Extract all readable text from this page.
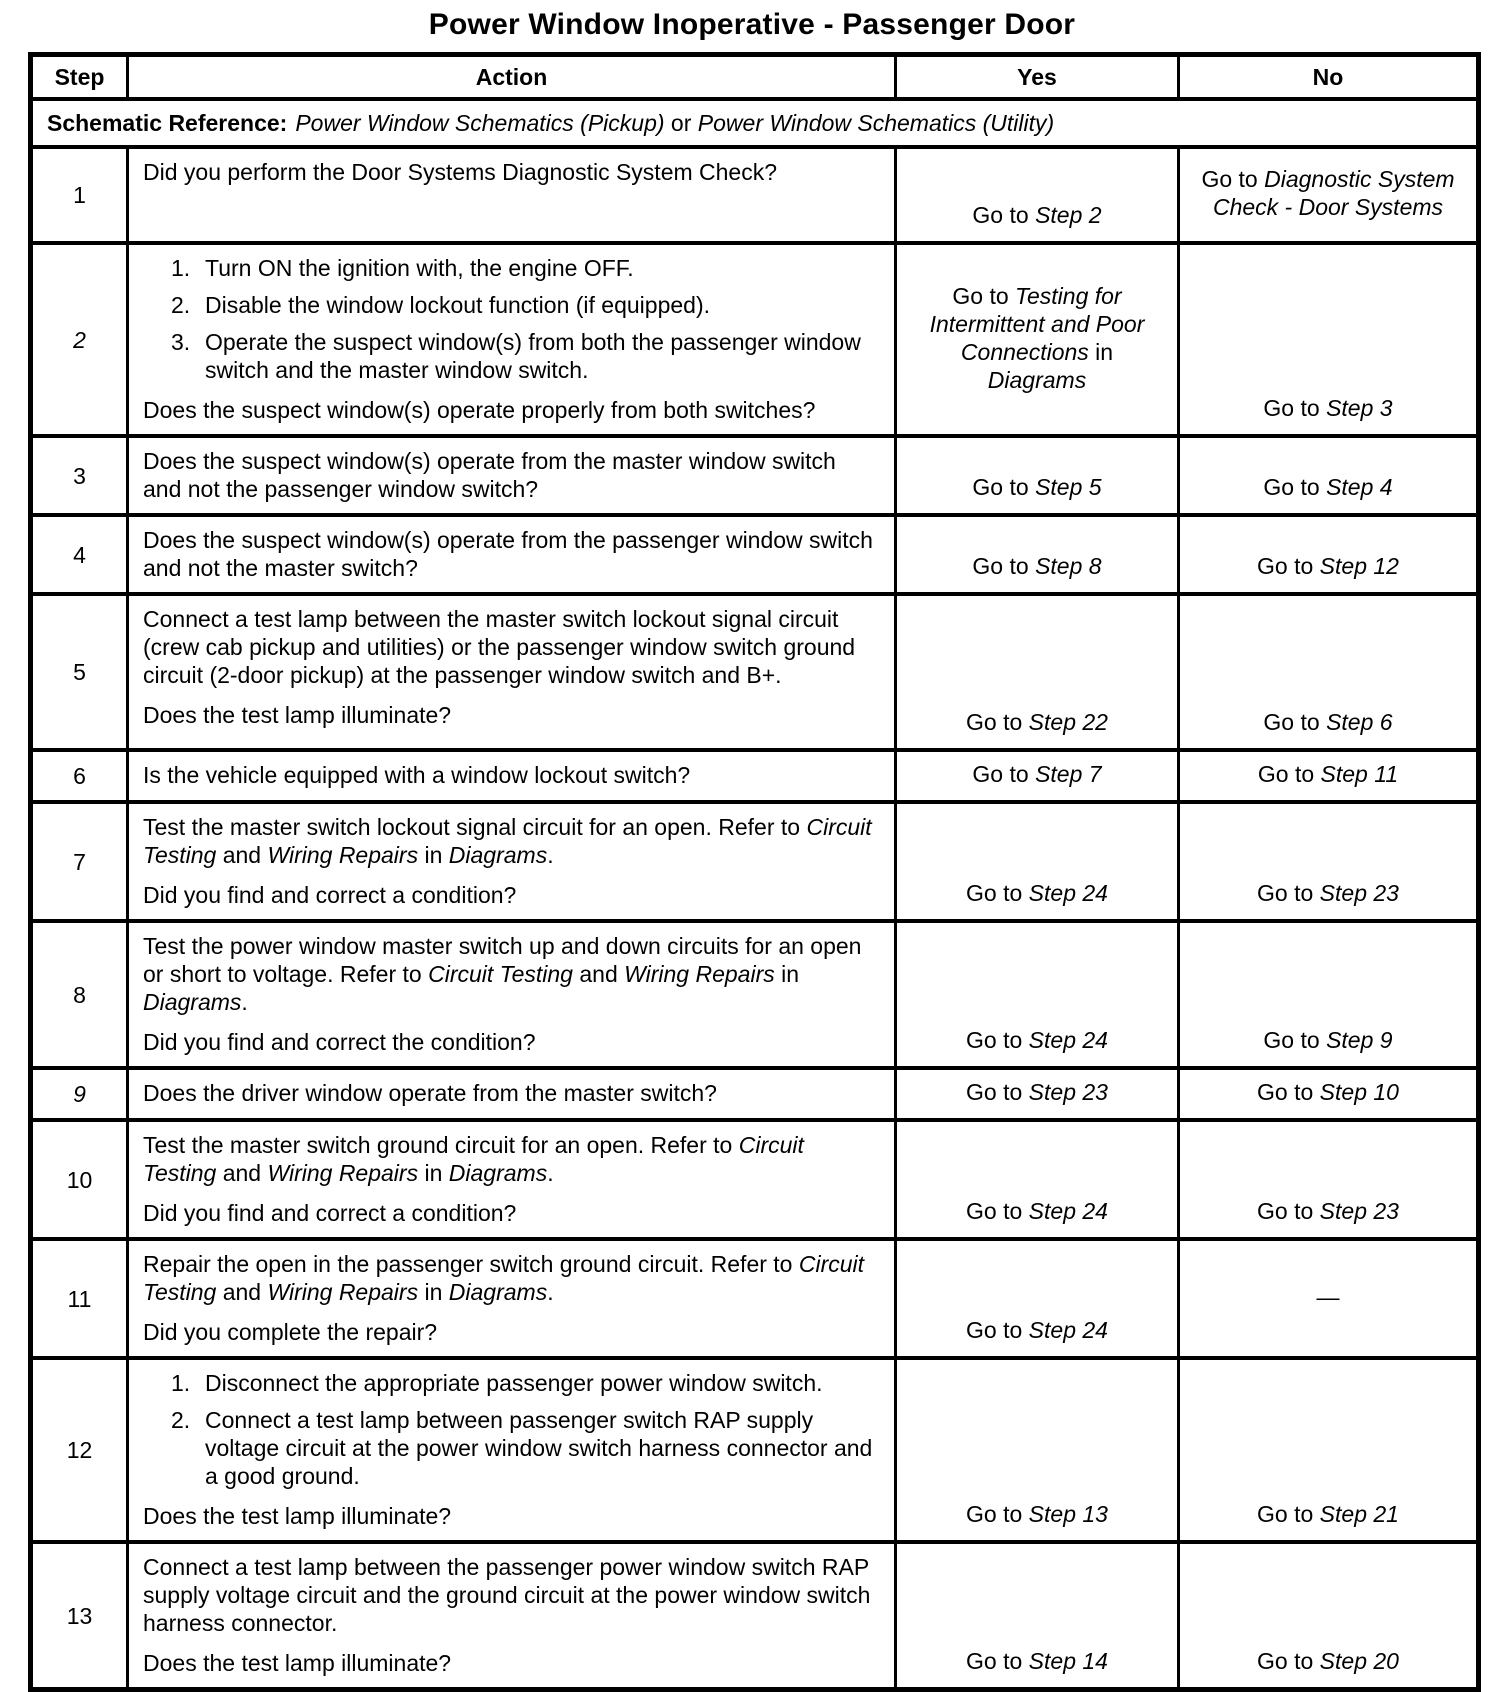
Power Window Inoperative - Passenger Door
Step	Action	Yes	No
Schematic Reference: Power Window Schematics (Pickup) or Power Window Schematics (Utility)			
1	Did you perform the Door Systems Diagnostic System Check?	Go to Step 2	Go to Diagnostic System Check - Door Systems
2	
1. Turn ON the ignition with, the engine OFF.
2. Disable the window lockout function (if equipped).
3. Operate the suspect window(s) from both the passenger window switch and the master window switch.
Does the suspect window(s) operate properly from both switches?
	Go to Testing for Intermittent and Poor Connections in Diagrams	Go to Step 3
3	Does the suspect window(s) operate from the master window switch and not the passenger window switch?	Go to Step 5	Go to Step 4
4	Does the suspect window(s) operate from the passenger window switch and not the master switch?	Go to Step 8	Go to Step 12
5	Connect a test lamp between the master switch lockout signal circuit (crew cab pickup and utilities) or the passenger window switch ground circuit (2-door pickup) at the passenger window switch and B+.
Does the test lamp illuminate?	Go to Step 22	Go to Step 6
6	Is the vehicle equipped with a window lockout switch?	Go to Step 7	Go to Step 11
7	Test the master switch lockout signal circuit for an open. Refer to Circuit Testing and Wiring Repairs in Diagrams.
Did you find and correct a condition?	Go to Step 24	Go to Step 23
8	Test the power window master switch up and down circuits for an open or short to voltage. Refer to Circuit Testing and Wiring Repairs in Diagrams.
Did you find and correct the condition?	Go to Step 24	Go to Step 9
9	Does the driver window operate from the master switch?	Go to Step 23	Go to Step 10
10	Test the master switch ground circuit for an open. Refer to Circuit Testing and Wiring Repairs in Diagrams.
Did you find and correct a condition?	Go to Step 24	Go to Step 23
11	Repair the open in the passenger switch ground circuit. Refer to Circuit Testing and Wiring Repairs in Diagrams.
Did you complete the repair?	Go to Step 24	—
12	1. Disconnect the appropriate passenger power window switch.
2. Connect a test lamp between passenger switch RAP supply voltage circuit at the power window switch harness connector and a good ground.
Does the test lamp illuminate?	Go to Step 13	Go to Step 21
13	Connect a test lamp between the passenger power window switch RAP supply voltage circuit and the ground circuit at the power window switch harness connector.
Does the test lamp illuminate?	Go to Step 14	Go to Step 20
